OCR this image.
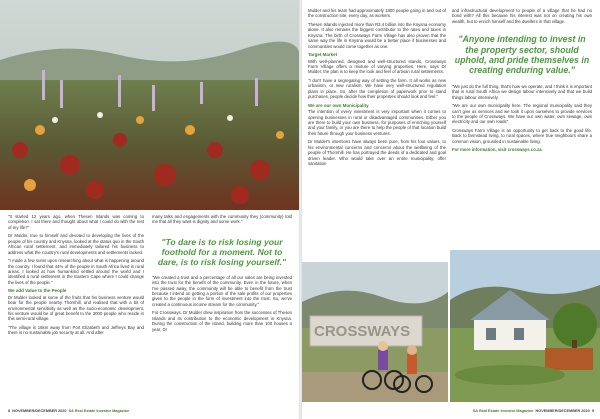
"It started 12 years ago, when Thesen Islands was coming to completion. I sat there and thought about what I could do with the rest of my life?"

Dr Mulder, true to himself and devoted to developing the lives of the people of his country and Knysna, looked at the status quo in the South African rural settlement, and immediately tailored his business to address what the country's rural developments and settlements lacked.

"I made a few sums upon researching about what is happening around the country. I found that 44% of the people in South Africa lived in rural areas. I looked at how humankind settled around the world and I identified a rural settlement in the Eastern Cape where I could change the lives of the people."

We add Value to the People

Dr Mulder looked at some of the fruits that his business venture would bear for the people nearby Thornhill, and realised that with a bit of environmental sensitivity as well as the socio-economic development, his venture would be of great benefit to the 3000 people who reside in this semi-rural village.

"The village is 16km away from Port Elizabeth and Jeffreys Bay and there is no sustainable job security at all. And after

many talks and engagements with the community they (community) told me that all they want is dignity and some work."

"To dare is to risk losing your foothold for a moment. Not to dare, is to risk losing yourself."

"We created a trust and a percentage of all our sales are being invested into the trust for the benefit of the community. Even in the future, when I've passed away, the community will be able to benefit from the trust because I intend on getting a portion of the sale profits of our properties given to the people in the form of investment into the trust. So, we've created a continuous income stream for the community."

For Crossways, Dr Mulder drew inspiration from the successes of Thesen Islands and its contribution to the economic development in Knysna. During the construction of the island, building more than 100 houses a year, Dr

8 NOVEMBER/DECEMBER 2020 SA Real Estate Investor Magazine

Mulder and his team had approximately 1800 people going in and out of the construction site, every day, as workers.

Thesen Islands injected more than R3.4 billion into the Knysna economy alone. It also remains the biggest contributor to the rates and taxes in Knysna. The birth of Crossways Farm Village has also proven that the same way the life in Knysna would be a better place if businesses and communities would come together as one.

Target Market

With well-planned, designed and well-structured stands, Crossways Farm Village offers a mixture of varying properties. Here, says Dr Mulder, the plan is to keep the look and feel of artisan rural settlements.

"I don't have a segregating way of setting the farm. It all works as new urbanism, or new ruralism. We have very well-structured regulation plans in place. So, after the completion of paperwork prior to stand purchases, people decide how their properties should look and feel."

We are our own Municipality

The intention of every investment is very important when it comes to opening businesses in rural or disadvantaged communities. Either you are there to build your own business, for purposes of enriching yourself and your family, or you are there to help the people of that location build their future through your business ventures.

Dr Mulder's intentions have always been pure, from his four values, to his environmental concerns and concerns about the wellbeing of the people of Thornhill. He has portrayed the deeds of a dedicated and goal driven leader. Who would take over an entire municipality, offer sanitation

and infrastructural development to people of a village that he had no bond with? All this because his interest was not on creating his own wealth, but to enrich himself and the dwellers in that village.

"Anyone intending to invest in the property sector, should uphold, and pride themselves in creating enduring value."

"We just do the full thing, that's how we operate, and I think it is important that in rural South Africa we design labour intensively and that we build things labour intensively.

"We are our own municipality here. The regional municipality said they can't give us services and we took it upon ourselves to provide services to the people of Crossways. We have our own water, own sewage, own electricity and our own roads"

Crossways Farm Village is an opportunity to get back to the good life. Back to farmstead living, to rural spaces, where true neighbours share a common vision, grounded in sustainable living.

For more information, visit crossways.co.za.

CROSSWAYS
SA Real Estate Investor Magazine NOVEMBER/DECEMBER 2020 9
